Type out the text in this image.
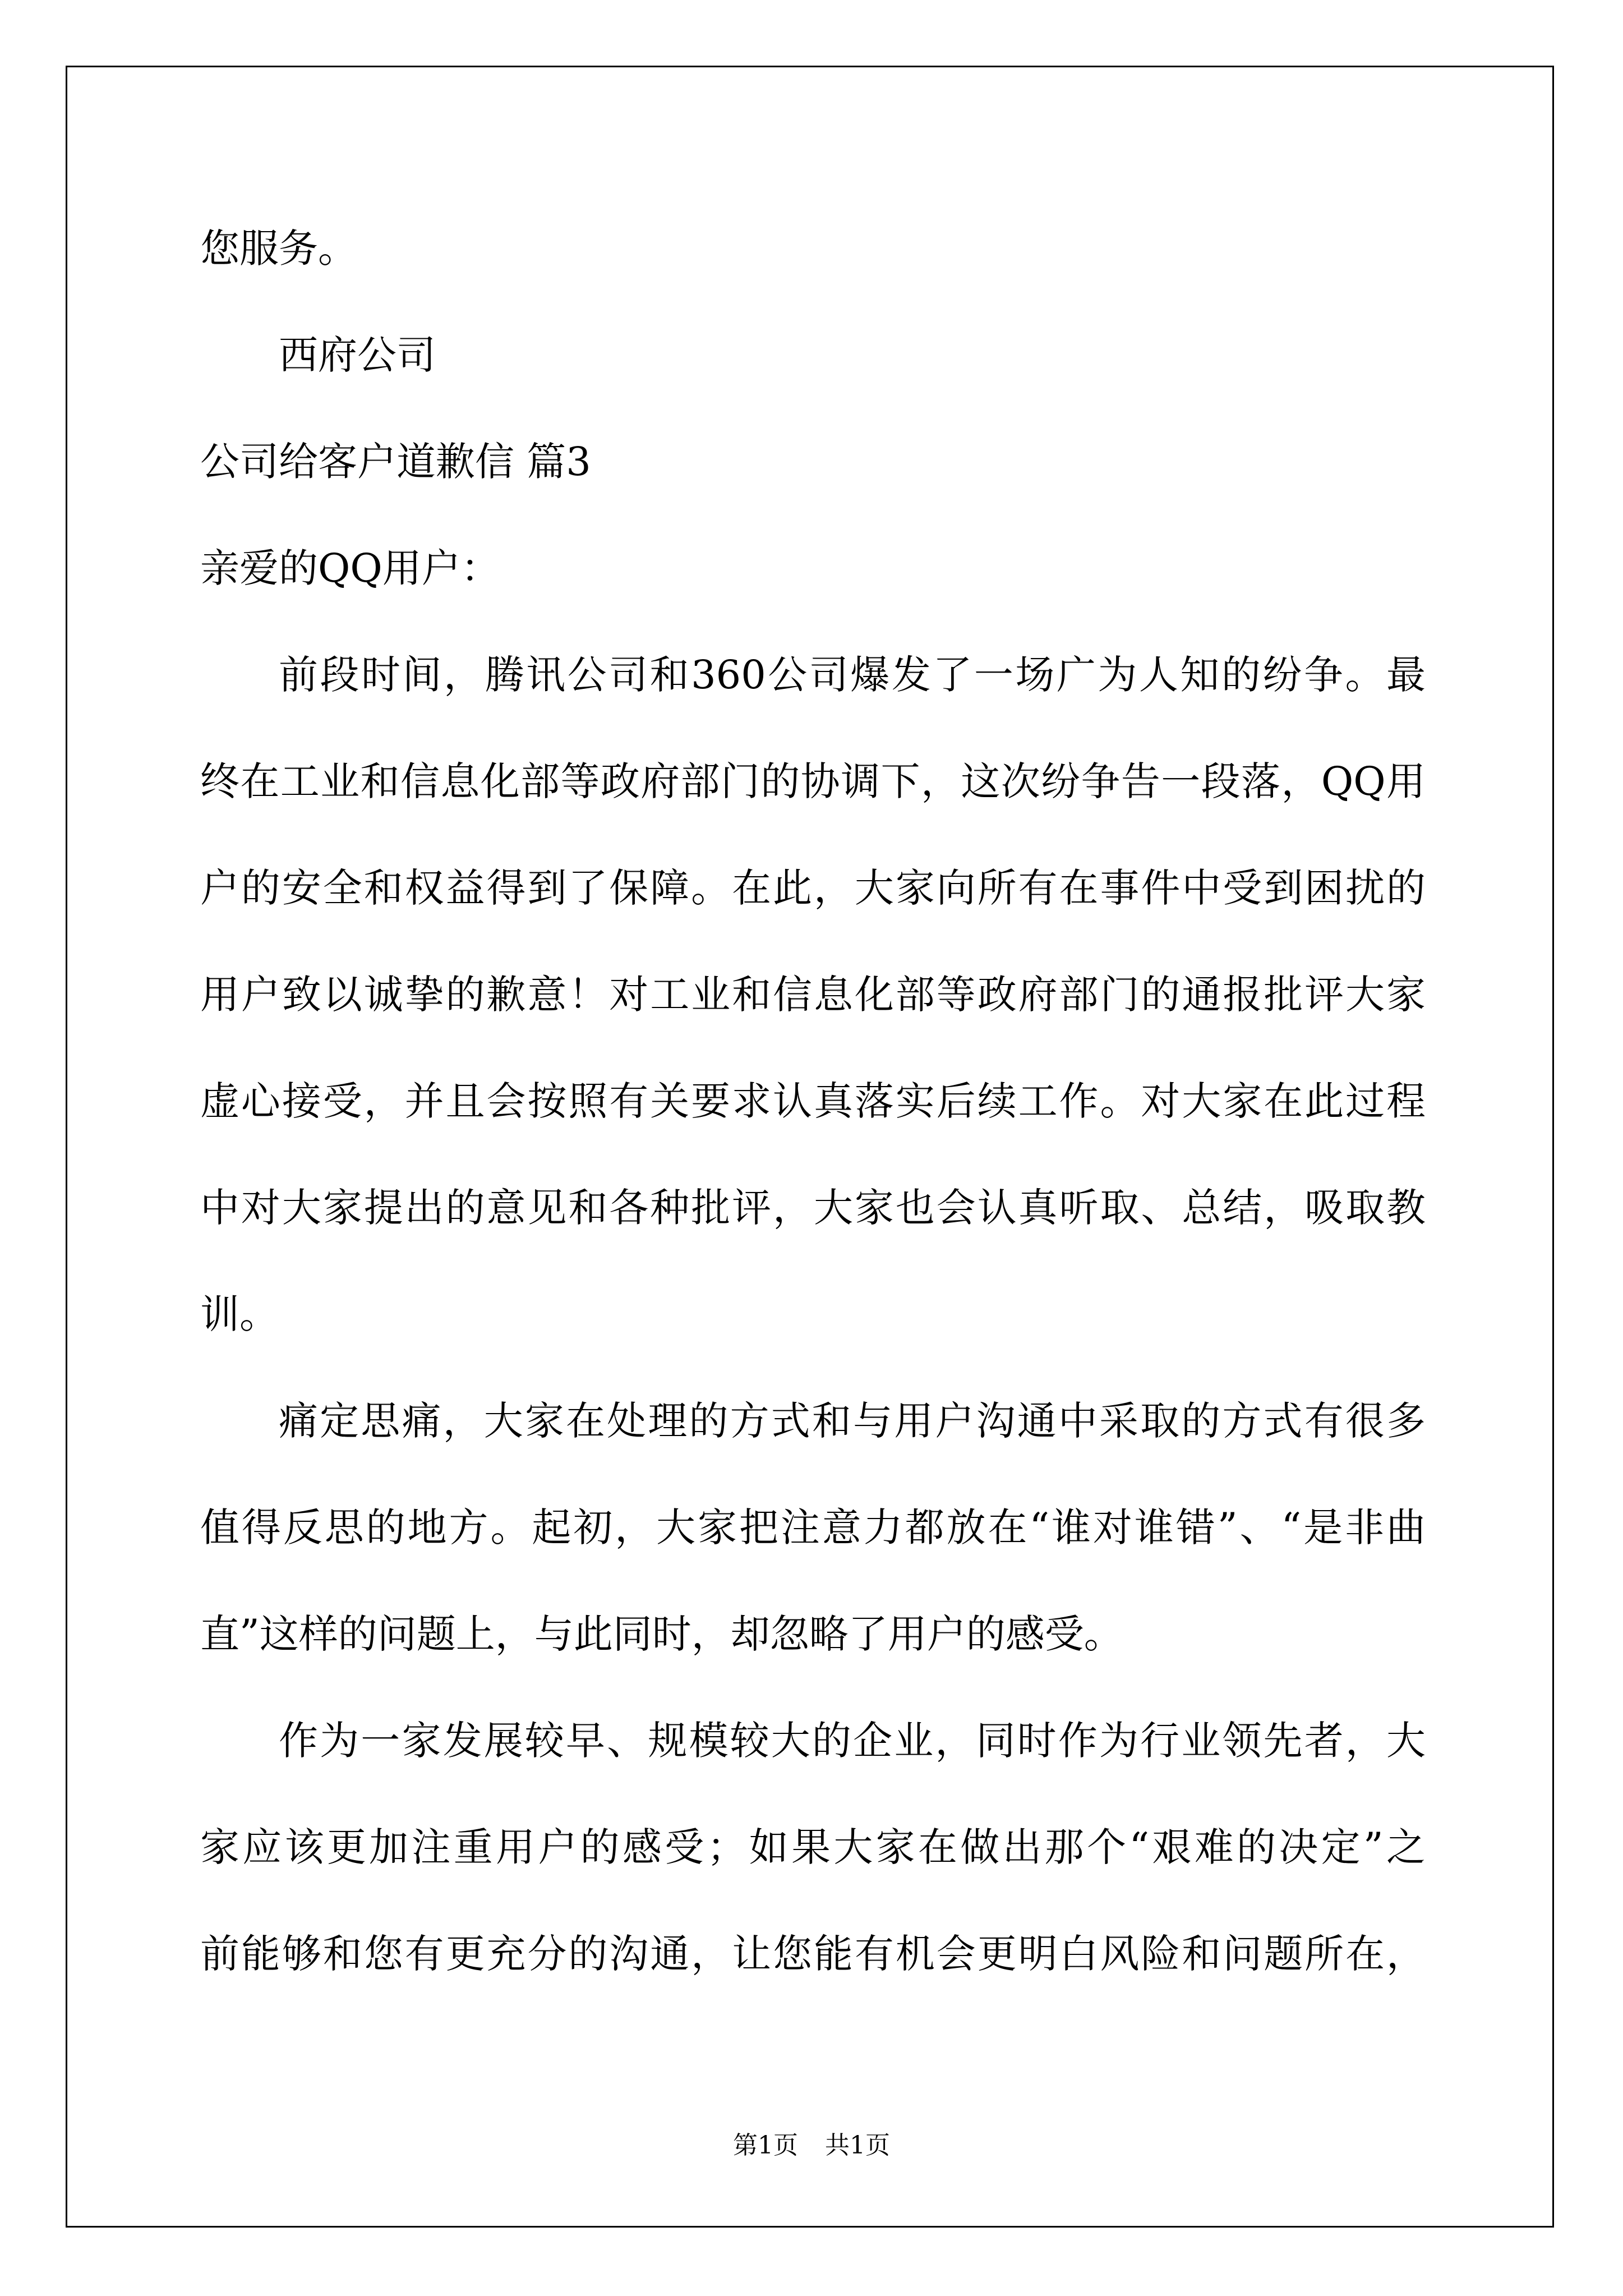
您服务。
西府公司
公司给客户道歉信 篇3
亲爱的QQ用户：
前段时间，腾讯公司和360公司爆发了一场广为人知的纷争。最
终在工业和信息化部等政府部门的协调下，这次纷争告一段落，QQ用
户的安全和权益得到了保障。在此，大家向所有在事件中受到困扰的
用户致以诚挚的歉意！对工业和信息化部等政府部门的通报批评大家
虚心接受，并且会按照有关要求认真落实后续工作。对大家在此过程
中对大家提出的意见和各种批评，大家也会认真听取、总结，吸取教
训。
痛定思痛，大家在处理的方式和与用户沟通中采取的方式有很多
值得反思的地方。起初，大家把注意力都放在“谁对谁错”、“是非曲
直”这样的问题上，与此同时，却忽略了用户的感受。
作为一家发展较早、规模较大的企业，同时作为行业领先者，大
家应该更加注重用户的感受；如果大家在做出那个“艰难的决定”之
前能够和您有更充分的沟通，让您能有机会更明白风险和问题所在，
第1页 共1页
